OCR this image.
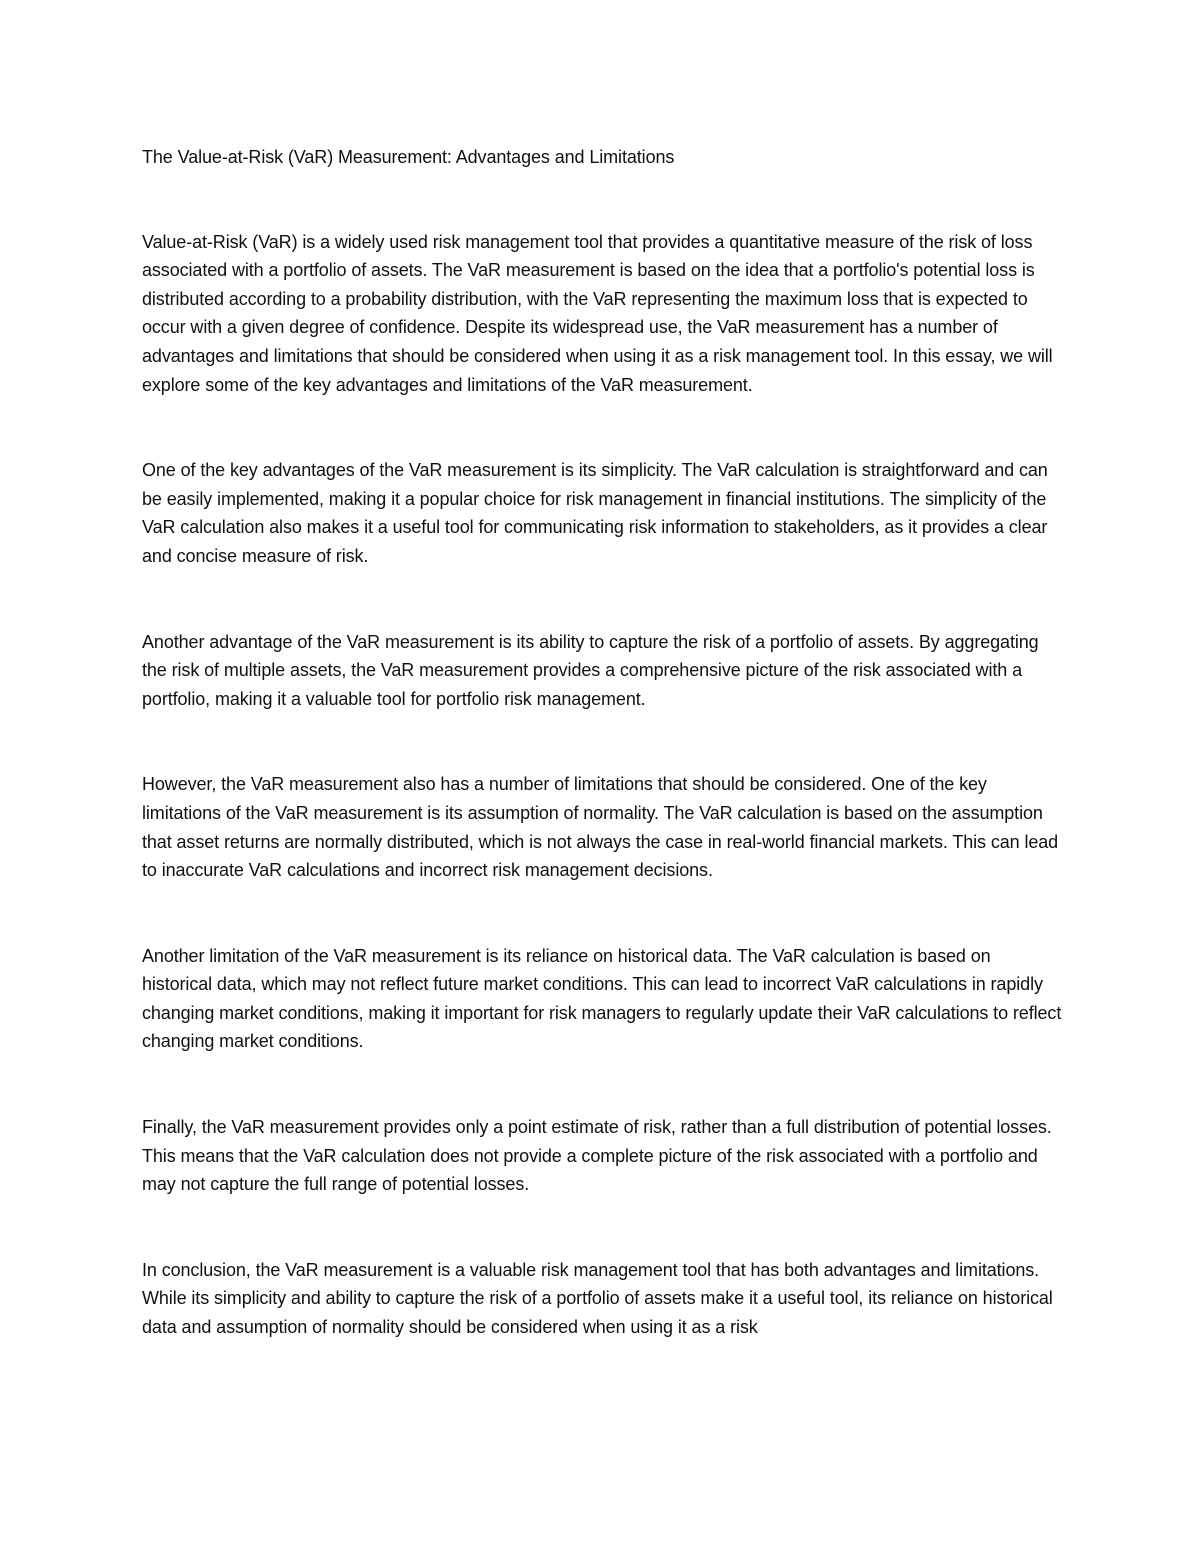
The Value-at-Risk (VaR) Measurement: Advantages and Limitations

Value-at-Risk (VaR) is a widely used risk management tool that provides a quantitative measure of the risk of loss associated with a portfolio of assets. The VaR measurement is based on the idea that a portfolio's potential loss is distributed according to a probability distribution, with the VaR representing the maximum loss that is expected to occur with a given degree of confidence. Despite its widespread use, the VaR measurement has a number of advantages and limitations that should be considered when using it as a risk management tool. In this essay, we will explore some of the key advantages and limitations of the VaR measurement.

One of the key advantages of the VaR measurement is its simplicity. The VaR calculation is straightforward and can be easily implemented, making it a popular choice for risk management in financial institutions. The simplicity of the VaR calculation also makes it a useful tool for communicating risk information to stakeholders, as it provides a clear and concise measure of risk.

Another advantage of the VaR measurement is its ability to capture the risk of a portfolio of assets. By aggregating the risk of multiple assets, the VaR measurement provides a comprehensive picture of the risk associated with a portfolio, making it a valuable tool for portfolio risk management.

However, the VaR measurement also has a number of limitations that should be considered. One of the key limitations of the VaR measurement is its assumption of normality. The VaR calculation is based on the assumption that asset returns are normally distributed, which is not always the case in real-world financial markets. This can lead to inaccurate VaR calculations and incorrect risk management decisions.

Another limitation of the VaR measurement is its reliance on historical data. The VaR calculation is based on historical data, which may not reflect future market conditions. This can lead to incorrect VaR calculations in rapidly changing market conditions, making it important for risk managers to regularly update their VaR calculations to reflect changing market conditions.

Finally, the VaR measurement provides only a point estimate of risk, rather than a full distribution of potential losses. This means that the VaR calculation does not provide a complete picture of the risk associated with a portfolio and may not capture the full range of potential losses.

In conclusion, the VaR measurement is a valuable risk management tool that has both advantages and limitations. While its simplicity and ability to capture the risk of a portfolio of assets make it a useful tool, its reliance on historical data and assumption of normality should be considered when using it as a risk
